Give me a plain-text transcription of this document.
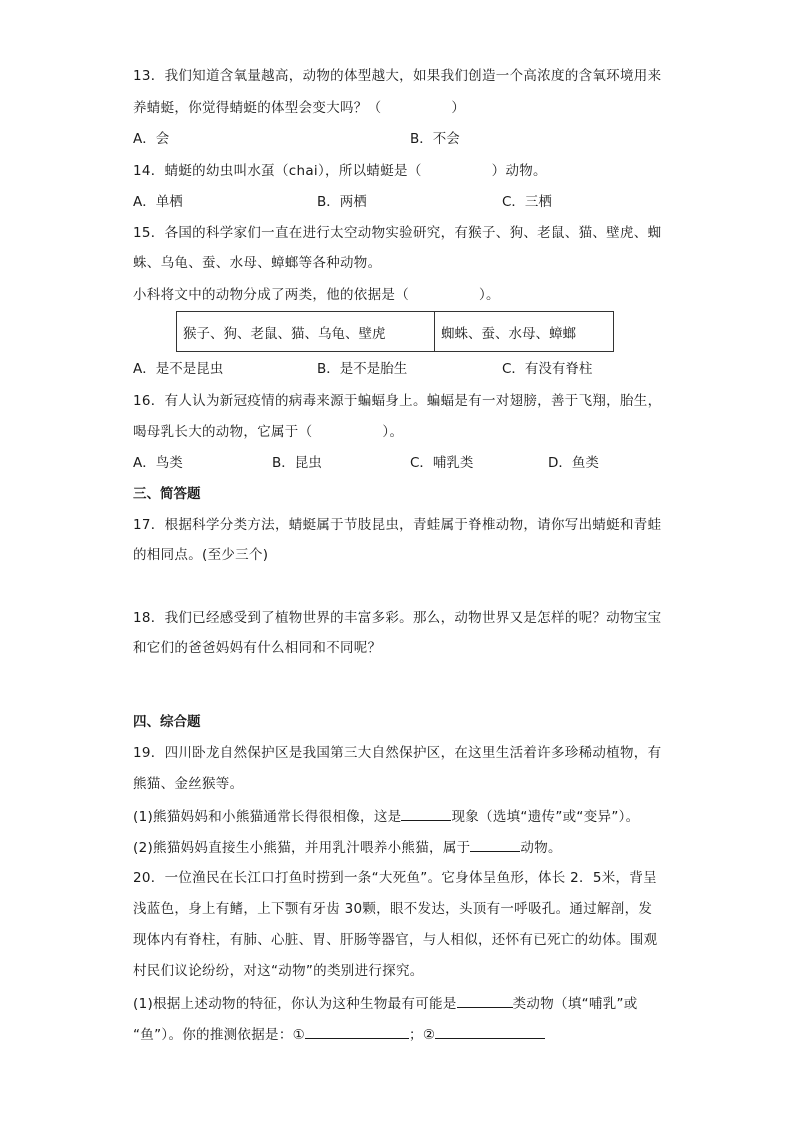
13．我们知道含氧量越高，动物的体型越大，如果我们创造一个高浓度的含氧环境用来
养蜻蜓，你觉得蜻蜓的体型会变大吗？（	）
A．会	B．不会
14．蜻蜓的幼虫叫水虿（chai），所以蜻蜓是（	）动物。
A．单栖	B．两栖	C．三栖
15．各国的科学家们一直在进行太空动物实验研究，有猴子、狗、老鼠、猫、壁虎、蜘
蛛、乌龟、蚕、水母、蟑螂等各种动物。
小科将文中的动物分成了两类，他的依据是（	）。
猴子、狗、老鼠、猫、乌龟、壁虎	蜘蛛、蚕、水母、蟑螂
A．是不是昆虫	B．是不是胎生	C．有没有脊柱
16．有人认为新冠疫情的病毒来源于蝙蝠身上。蝙蝠是有一对翅膀，善于飞翔，胎生，
喝母乳长大的动物，它属于（	）。
A．鸟类	B．昆虫	C．哺乳类	D．鱼类
三、简答题
17．根据科学分类方法，蜻蜓属于节肢昆虫，青蛙属于脊椎动物，请你写出蜻蜓和青蛙
的相同点。(至少三个)
18．我们已经感受到了植物世界的丰富多彩。那么，动物世界又是怎样的呢？动物宝宝
和它们的爸爸妈妈有什么相同和不同呢？
四、综合题
19．四川卧龙自然保护区是我国第三大自然保护区，在这里生活着许多珍稀动植物，有
熊猫、金丝猴等。
(1)熊猫妈妈和小熊猫通常长得很相像，这是	现象（选填“遗传”或“变异”）。
(2)熊猫妈妈直接生小熊猫，并用乳汁喂养小熊猫，属于	动物。
20．一位渔民在长江口打鱼时捞到一条“大死鱼”。它身体呈鱼形，体长 2．5米，背呈
浅蓝色，身上有鳍，上下颚有牙齿 30颗，眼不发达，头顶有一呼吸孔。通过解剖，发
现体内有脊柱，有肺、心脏、胃、肝肠等器官，与人相似，还怀有已死亡的幼体。围观
村民们议论纷纷，对这“动物”的类别进行探究。
(1)根据上述动物的特征，你认为这种生物最有可能是	类动物（填“哺乳”或
“鱼”）。你的推测依据是：①	；②
